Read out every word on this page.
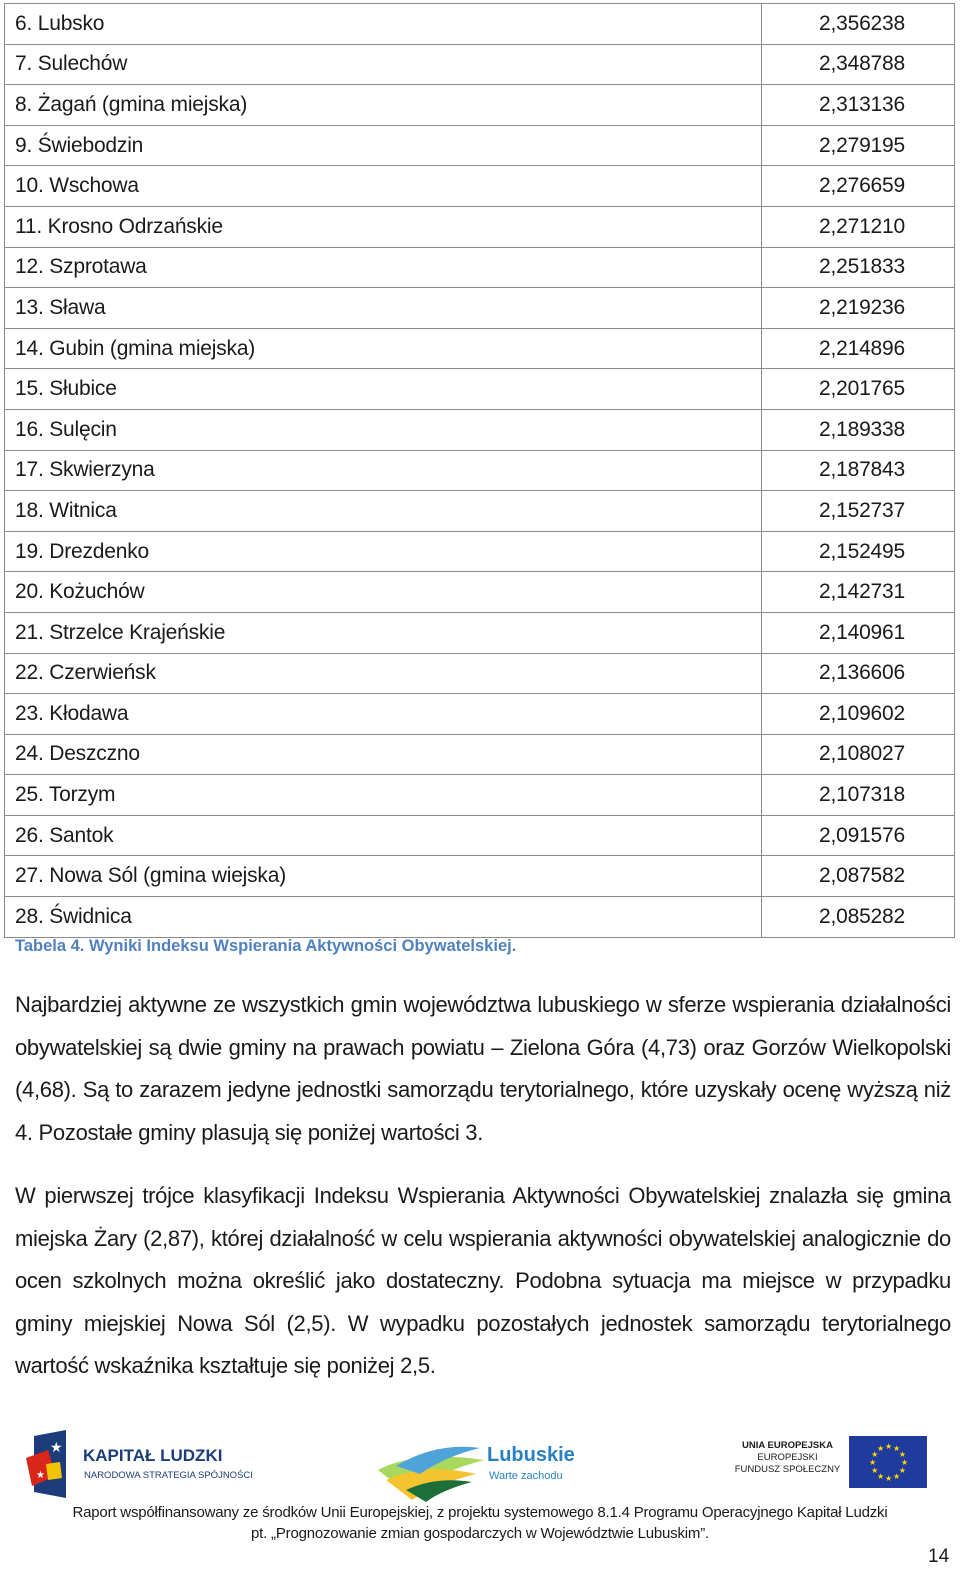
6. Lubsko	2,356238
7. Sulechów	2,348788
8. Żagań (gmina miejska)	2,313136
9. Świebodzin	2,279195
10. Wschowa	2,276659
11. Krosno Odrzańskie	2,271210
12. Szprotawa	2,251833
13. Sława	2,219236
14. Gubin (gmina miejska)	2,214896
15. Słubice	2,201765
16. Sulęcin	2,189338
17. Skwierzyna	2,187843
18. Witnica	2,152737
19. Drezdenko	2,152495
20. Kożuchów	2,142731
21. Strzelce Krajeńskie	2,140961
22. Czerwieńsk	2,136606
23. Kłodawa	2,109602
24. Deszczno	2,108027
25. Torzym	2,107318
26. Santok	2,091576
27. Nowa Sól (gmina wiejska)	2,087582
28. Świdnica	2,085282
Tabela 4. Wyniki Indeksu Wspierania Aktywności Obywatelskiej.

Najbardziej aktywne ze wszystkich gmin województwa lubuskiego w sferze wspierania działalności obywatelskiej są dwie gminy na prawach powiatu – Zielona Góra (4,73) oraz Gorzów Wielkopolski (4,68). Są to zarazem jedyne jednostki samorządu terytorialnego, które uzyskały ocenę wyższą niż 4. Pozostałe gminy plasują się poniżej wartości 3.

W pierwszej trójce klasyfikacji Indeksu Wspierania Aktywności Obywatelskiej znalazła się gmina miejska Żary (2,87), której działalność w celu wspierania aktywności obywatelskiej analogicznie do ocen szkolnych można określić jako dostateczny. Podobna sytuacja ma miejsce w przypadku gminy miejskiej Nowa Sól (2,5). W wypadku pozostałych jednostek samorządu terytorialnego wartość wskaźnika kształtuje się poniżej 2,5.

★
★
KAPITAŁ LUDZKI
NARODOWA STRATEGIA SPÓJNOŚCI
Lubuskie
Warte zachodu
UNIA EUROPEJSKA
EUROPEJSKI
FUNDUSZ SPOŁECZNY
★
★
★
★
★
★
★
★
★ ★ ★
★
Raport współfinansowany ze środków Unii Europejskiej, z projektu systemowego 8.1.4 Programu Operacyjnego Kapitał Ludzki
pt. „Prognozowanie zmian gospodarczych w Województwie Lubuskim”.
14
